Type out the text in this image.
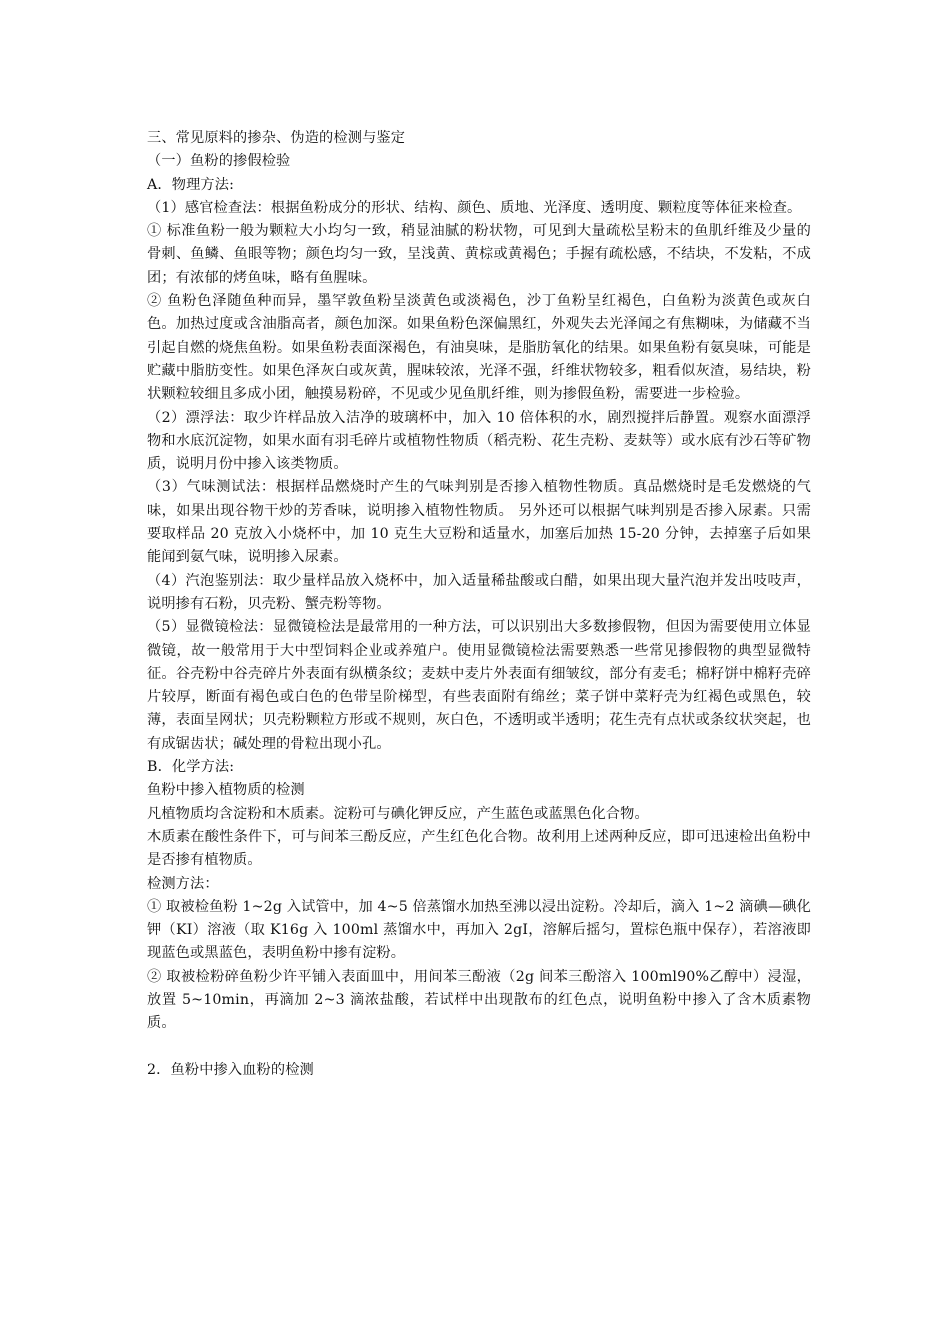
三、常见原料的掺杂、伪造的检测与鉴定

（一）鱼粉的掺假检验

A．物理方法:

（1）感官检查法：根据鱼粉成分的形状、结构、颜色、质地、光泽度、透明度、颗粒度等体征来检查。

① 标准鱼粉一般为颗粒大小均匀一致，稍显油腻的粉状物，可见到大量疏松呈粉末的鱼肌纤维及少量的骨刺、鱼鳞、鱼眼等物；颜色均匀一致，呈浅黄、黄棕或黄褐色；手握有疏松感，不结块，不发粘，不成团；有浓郁的烤鱼味，略有鱼腥味。

② 鱼粉色泽随鱼种而异，墨罕敦鱼粉呈淡黄色或淡褐色，沙丁鱼粉呈红褐色，白鱼粉为淡黄色或灰白色。加热过度或含油脂高者，颜色加深。如果鱼粉色深偏黑红，外观失去光泽闻之有焦糊味，为储藏不当引起自燃的烧焦鱼粉。如果鱼粉表面深褐色，有油臭味，是脂肪氧化的结果。如果鱼粉有氨臭味，可能是贮藏中脂肪变性。如果色泽灰白或灰黄，腥味较浓，光泽不强，纤维状物较多，粗看似灰渣，易结块，粉状颗粒较细且多成小团，触摸易粉碎，不见或少见鱼肌纤维，则为掺假鱼粉，需要进一步检验。

（2）漂浮法：取少许样品放入洁净的玻璃杯中，加入 10 倍体积的水，剧烈搅拌后静置。观察水面漂浮物和水底沉淀物，如果水面有羽毛碎片或植物性物质（稻壳粉、花生壳粉、麦麸等）或水底有沙石等矿物质，说明月份中掺入该类物质。

（3）气味测试法：根据样品燃烧时产生的气味判别是否掺入植物性物质。真品燃烧时是毛发燃烧的气味，如果出现谷物干炒的芳香味，说明掺入植物性物质。 另外还可以根据气味判别是否掺入尿素。只需要取样品 20 克放入小烧杯中，加 10 克生大豆粉和适量水，加塞后加热 15-20 分钟，去掉塞子后如果能闻到氨气味，说明掺入尿素。

（4）汽泡鉴别法：取少量样品放入烧杯中，加入适量稀盐酸或白醋，如果出现大量汽泡并发出吱吱声，说明掺有石粉，贝壳粉、蟹壳粉等物。

（5）显微镜检法：显微镜检法是最常用的一种方法，可以识别出大多数掺假物，但因为需要使用立体显微镜，故一般常用于大中型饲料企业或养殖户。使用显微镜检法需要熟悉一些常见掺假物的典型显微特征。谷壳粉中谷壳碎片外表面有纵横条纹；麦麸中麦片外表面有细皱纹，部分有麦毛；棉籽饼中棉籽壳碎片较厚，断面有褐色或白色的色带呈阶梯型，有些表面附有绵丝；菜子饼中菜籽壳为红褐色或黑色，较薄，表面呈网状；贝壳粉颗粒方形或不规则，灰白色，不透明或半透明；花生壳有点状或条纹状突起，也有成锯齿状；碱处理的骨粒出现小孔。

B．化学方法:

鱼粉中掺入植物质的检测

凡植物质均含淀粉和木质素。淀粉可与碘化钾反应，产生蓝色或蓝黑色化合物。

木质素在酸性条件下，可与间苯三酚反应，产生红色化合物。故利用上述两种反应，即可迅速检出鱼粉中是否掺有植物质。

检测方法：

① 取被检鱼粉 1~2g 入试管中，加 4~5 倍蒸馏水加热至沸以浸出淀粉。冷却后，滴入 1~2 滴碘—碘化钾（KI）溶液（取 K16g 入 100ml 蒸馏水中，再加入 2gI，溶解后摇匀，置棕色瓶中保存），若溶液即现蓝色或黑蓝色，表明鱼粉中掺有淀粉。

② 取被检粉碎鱼粉少许平铺入表面皿中，用间苯三酚液（2g 间苯三酚溶入 100ml90%乙醇中）浸湿，放置 5~10min，再滴加 2~3 滴浓盐酸，若试样中出现散布的红色点，说明鱼粉中掺入了含木质素物质。

2．鱼粉中掺入血粉的检测
